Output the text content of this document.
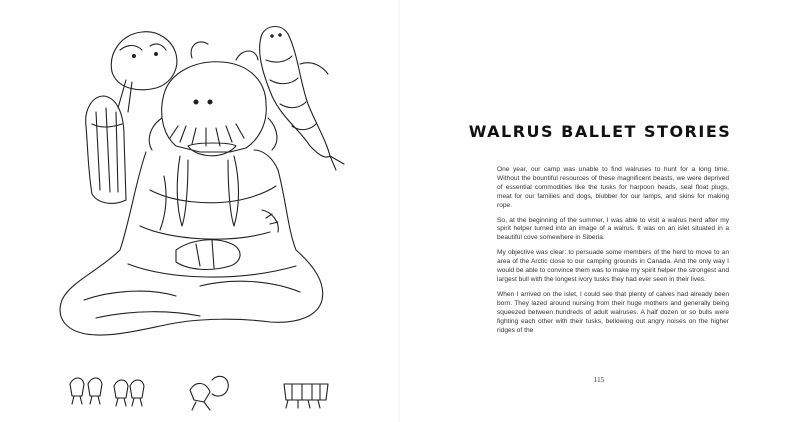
WALRUS BALLET STORIES

One year, our camp was unable to find walruses to hunt for a long time. Without the bountiful resources of these magnificent beasts, we were deprived of essential commodities like the tusks for harpoon heads, seal float plugs, meat for our families and dogs, blubber for our lamps, and skins for making rope.

So, at the beginning of the summer, I was able to visit a walrus herd after my spirit helper turned into an image of a walrus. It was on an islet situated in a beautiful cove somewhere in Siberia.

My objective was clear: to persuade some members of the herd to move to an area of the Arctic close to our camping grounds in Canada. And the only way I would be able to convince them was to make my spirit helper the strongest and largest bull with the longest ivory tusks they had ever seen in their lives.

When I arrived on the islet, I could see that plenty of calves had already been born. They lazed around nursing from their huge mothers and generally being squeezed between hundreds of adult walruses. A half dozen or so bulls were fighting each other with their tusks, bellowing out angry noises on the higher ridges of the

115
